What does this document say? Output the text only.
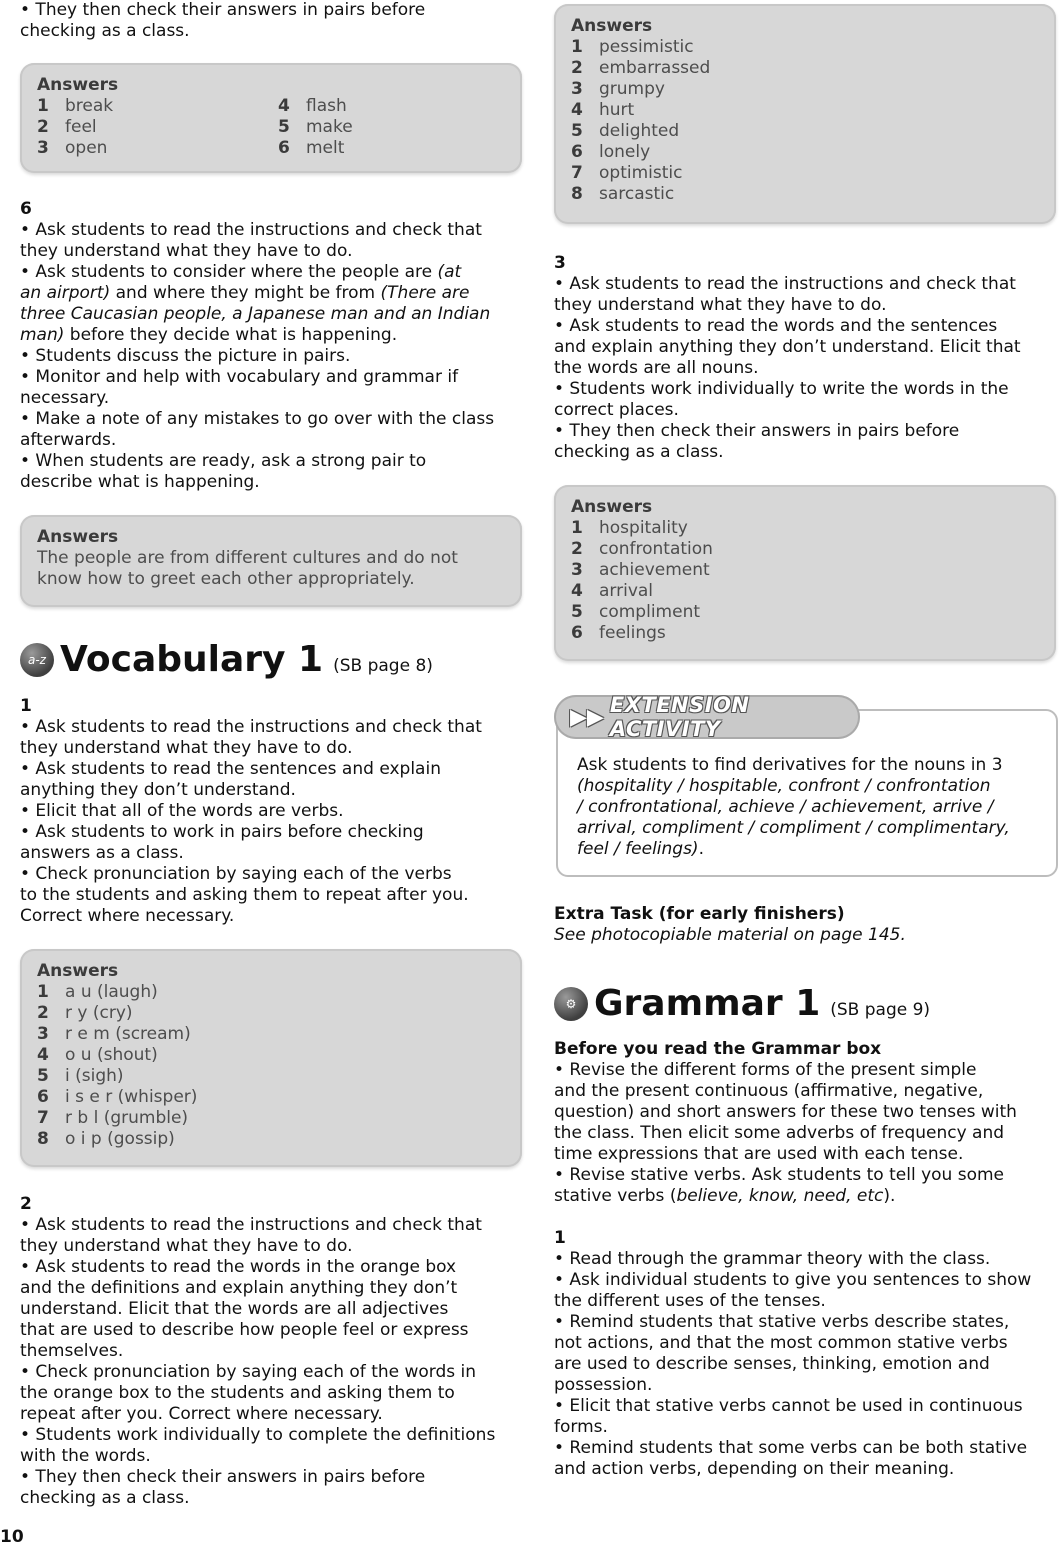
• They then check their answers in pairs before

checking as a class.

Answers
1 break	4 flash
2 feel	5 make
3 open	6 melt

6

• Ask students to read the instructions and check that

they understand what they have to do.

• Ask students to consider where the people are (at

an airport) and where they might be from (There are

three Caucasian people, a Japanese man and an Indian

man) before they decide what is happening.

• Students discuss the picture in pairs.

• Monitor and help with vocabulary and grammar if

necessary.

• Make a note of any mistakes to go over with the class

afterwards.

• When students are ready, ask a strong pair to

describe what is happening.

Answers
The people are from different cultures and do not
know how to greet each other appropriately.
a-z Vocabulary 1 (SB page 8)

1

• Ask students to read the instructions and check that

they understand what they have to do.

• Ask students to read the sentences and explain

anything they don’t understand.

• Elicit that all of the words are verbs.

• Ask students to work in pairs before checking

answers as a class.

• Check pronunciation by saying each of the verbs

to the students and asking them to repeat after you.

Correct where necessary.

Answers
1 a u (laugh)
2 r y (cry)
3 r e m (scream)
4 o u (shout)
5 i (sigh)
6 i s e r (whisper)
7 r b l (grumble)
8 o i p (gossip)

2

• Ask students to read the instructions and check that

they understand what they have to do.

• Ask students to read the words in the orange box

and the definitions and explain anything they don’t

understand. Elicit that the words are all adjectives

that are used to describe how people feel or express

themselves.

• Check pronunciation by saying each of the words in

the orange box to the students and asking them to

repeat after you. Correct where necessary.

• Students work individually to complete the definitions

with the words.

• They then check their answers in pairs before

checking as a class.

10
Answers
1 pessimistic
2 embarrassed
3 grumpy
4 hurt
5 delighted
6 lonely
7 optimistic
8 sarcastic

3

• Ask students to read the instructions and check that

they understand what they have to do.

• Ask students to read the words and the sentences

and explain anything they don’t understand. Elicit that

the words are all nouns.

• Students work individually to write the words in the

correct places.

• They then check their answers in pairs before

checking as a class.

Answers
1 hospitality
2 confrontation
3 achievement
4 arrival
5 compliment
6 feelings

Ask students to find derivatives for the nouns in 3

(hospitality / hospitable, confront / confrontation

/ confrontational, achieve / achievement, arrive /

arrival, compliment / compliment / complimentary,

feel / feelings).

▶▶ EXTENSION ACTIVITY

Extra Task (for early finishers)

See photocopiable material on page 145.

⚙ Grammar 1 (SB page 9)

Before you read the Grammar box

• Revise the different forms of the present simple

and the present continuous (affirmative, negative,

question) and short answers for these two tenses with

the class. Then elicit some adverbs of frequency and

time expressions that are used with each tense.

• Revise stative verbs. Ask students to tell you some

stative verbs (believe, know, need, etc).

1

• Read through the grammar theory with the class.

• Ask individual students to give you sentences to show

the different uses of the tenses.

• Remind students that stative verbs describe states,

not actions, and that the most common stative verbs

are used to describe senses, thinking, emotion and

possession.

• Elicit that stative verbs cannot be used in continuous

forms.

• Remind students that some verbs can be both stative

and action verbs, depending on their meaning.
